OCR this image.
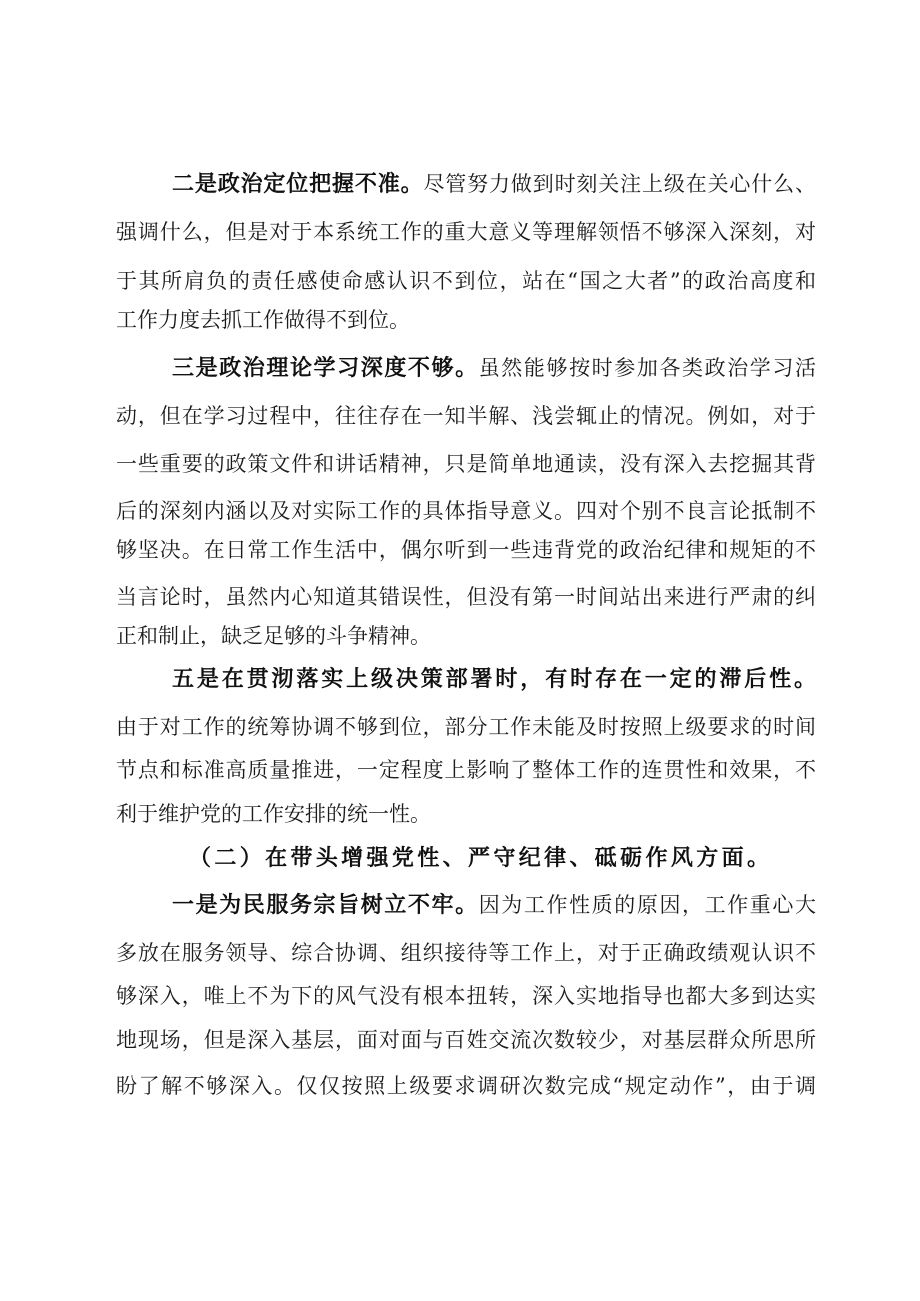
二是政治定位把握不准。尽管努力做到时刻关注上级在关心什么、
强调什么，但是对于本系统工作的重大意义等理解领悟不够深入深刻，对
于其所肩负的责任感使命感认识不到位，站在“国之大者”的政治高度和
工作力度去抓工作做得不到位。
三是政治理论学习深度不够。虽然能够按时参加各类政治学习活
动，但在学习过程中，往往存在一知半解、浅尝辄止的情况。例如，对于
一些重要的政策文件和讲话精神，只是简单地通读，没有深入去挖掘其背
后的深刻内涵以及对实际工作的具体指导意义。四对个别不良言论抵制不
够坚决。在日常工作生活中，偶尔听到一些违背党的政治纪律和规矩的不
当言论时，虽然内心知道其错误性，但没有第一时间站出来进行严肃的纠
正和制止，缺乏足够的斗争精神。
五是在贯沏落实上级决策部署时，有时存在一定的滞后性。
由于对工作的统筹协调不够到位，部分工作未能及时按照上级要求的时间
节点和标准高质量推进，一定程度上影响了整体工作的连贯性和效果，不
利于维护党的工作安排的统一性。
（二）在带头增强党性、严守纪律、砥砺作风方面。
一是为民服务宗旨树立不牢。因为工作性质的原因，工作重心大
多放在服务领导、综合协调、组织接待等工作上，对于正确政绩观认识不
够深入，唯上不为下的风气没有根本扭转，深入实地指导也都大多到达实
地现场，但是深入基层，面对面与百姓交流次数较少，对基层群众所思所
盼了解不够深入。仅仅按照上级要求调研次数完成“规定动作”，由于调
